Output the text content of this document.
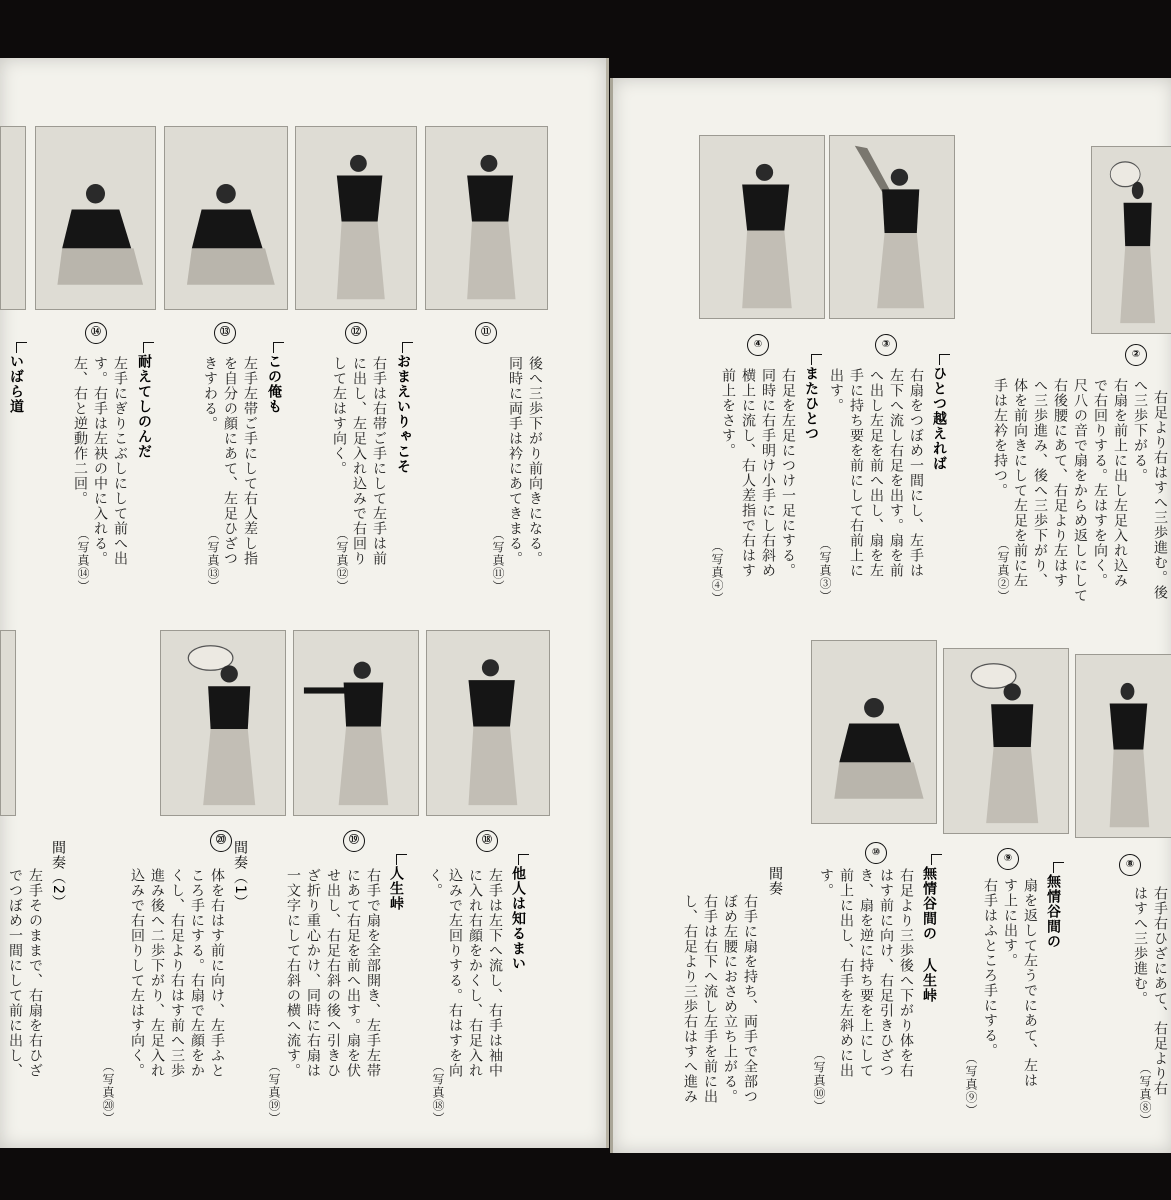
⑭	⑬	⑫	⑪
いばら道	耐えてしのんだ
左手にぎりこぶしにして前へ出
す。右手は左袂の中に入れる。
左、右と逆動作二回。
（写真⑭）
この俺も
左手左帯ご手にして右人差し指
を自分の顔にあて、左足ひざつ
きすわる。
（写真⑬）
おまえいりゃこそ
右手は右帯ご手にして左手は前
に出し、左足入れ込みで右回り
して左はす向く。
（写真⑫）	後へ三歩下がり前向きになる。
同時に両手は衿にあてきまる。
（写真⑪）
⑳	⑲	⑱
他人は知るまい
左手は左下へ流し、右手は袖中
に入れ右顔をかくし、右足入れ
込みで左回りする。右はすを向
く。
（写真⑱）
人生峠
右手で扇を全部開き、左手左帯
にあて右足を前へ出す。扇を伏
せ出し、右足右斜の後へ引きひ
ざ折り重心かけ、同時に右扇は
一文字にして右斜の横へ流す。
（写真⑲）
間奏（1）
体を右はす前に向け、左手ふと
ころ手にする。右扇で左顔をか
くし、右足より右はす前へ三歩
進み後へ二歩下がり、左足入れ
込みで右回りして左はす向く。
（写真⑳）
間奏（2）
左手そのままで、右扇を右ひざ
でつぼめ一間にして前に出し、
④	③
②
右足より右はすへ三歩進む。後
へ三歩下がる。
右扇を前上に出し左足入れ込み
で右回りする。左はすを向く。
尺八の音で扇をからめ返しにして
右後腰にあて、右足より左はす
へ三歩進み、後へ三歩下がり、
体を前向きにして左足を前に左
手は左衿を持つ。
（写真②）
ひとつ越えれば
右扇をつぼめ一間にし、左手は
左下へ流し右足を出す。扇を前
へ出し左足を前へ出し、扇を左
手に持ち要を前にして右前上に
出す。
（写真③）
またひとつ
右足を左足につけ一足にする。
同時に右手明け小手にし右斜め
横上に流し、右人差指で右はす
前上をさす。
（写真④）
⑩
⑨
⑧
右手右ひざにあて、右足より右
はすへ三歩進む。
（写真⑧）
無情谷間の
扇を返して左うでにあて、左は
す上に出す。
右手はふところ手にする。
（写真⑨）
無情谷間の
人生峠
右足より三歩後へ下がり体を右
はす前に向け、右足引きひざつ
き、扇を逆に持ち要を上にして
前上に出し、右手を左斜めに出
す。
（写真⑩）
間奏
右手に扇を持ち、両手で全部つ
ぼめ左腰におさめ立ち上がる。
右手は右下へ流し左手を前に出
し、右足より三歩右はすへ進み
